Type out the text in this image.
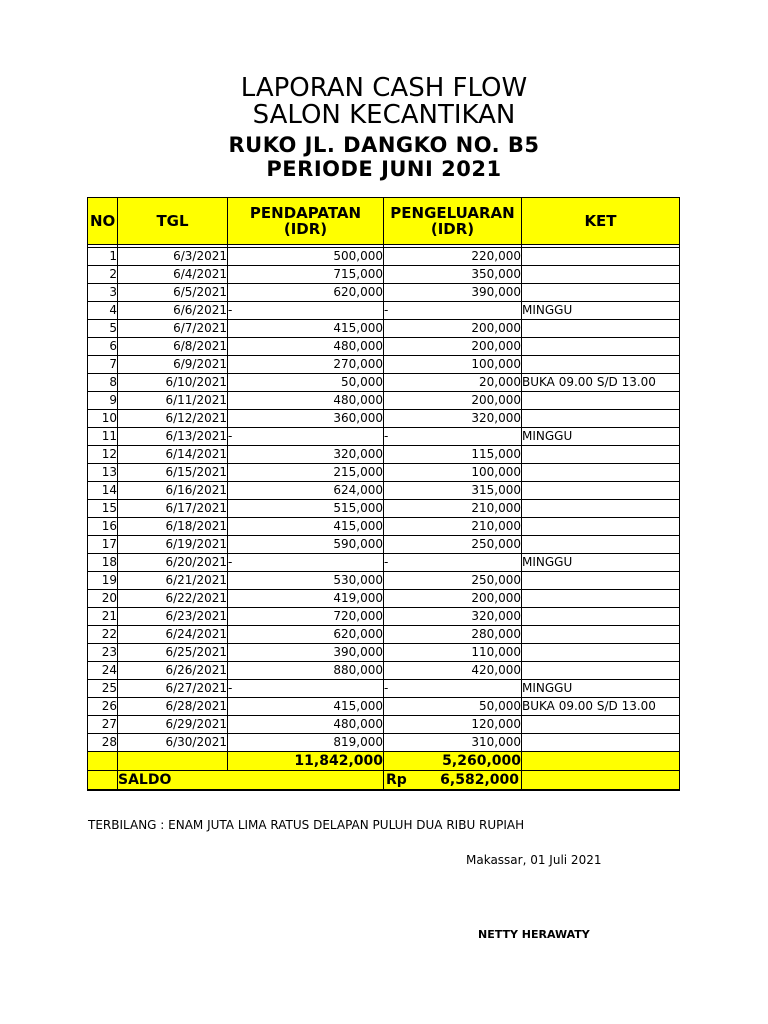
LAPORAN CASH FLOW
SALON KECANTIKAN
RUKO JL. DANGKO NO. B5
PERIODE JUNI 2021
NO	TGL	PENDAPATAN (IDR)	PENGELUARAN (IDR)	KET

1	6/3/2021	500,000	220,000	
2	6/4/2021	715,000	350,000	
3	6/5/2021	620,000	390,000	
4	6/6/2021	-	-	MINGGU
5	6/7/2021	415,000	200,000	
6	6/8/2021	480,000	200,000	
7	6/9/2021	270,000	100,000	
8	6/10/2021	50,000	20,000	BUKA 09.00 S/D 13.00
9	6/11/2021	480,000	200,000	
10	6/12/2021	360,000	320,000	
11	6/13/2021	-	-	MINGGU
12	6/14/2021	320,000	115,000	
13	6/15/2021	215,000	100,000	
14	6/16/2021	624,000	315,000	
15	6/17/2021	515,000	210,000	
16	6/18/2021	415,000	210,000	
17	6/19/2021	590,000	250,000	
18	6/20/2021	-	-	MINGGU
19	6/21/2021	530,000	250,000	
20	6/22/2021	419,000	200,000	
21	6/23/2021	720,000	320,000	
22	6/24/2021	620,000	280,000	
23	6/25/2021	390,000	110,000	
24	6/26/2021	880,000	420,000	
25	6/27/2021	-	-	MINGGU
26	6/28/2021	415,000	50,000	BUKA 09.00 S/D 13.00
27	6/29/2021	480,000	120,000	
28	6/30/2021	819,000	310,000	
		11,842,000	5,260,000	
	SALDO		Rp 6,582,000	

TERBILANG : ENAM JUTA LIMA RATUS DELAPAN PULUH DUA RIBU RUPIAH
Makassar, 01 Juli 2021
NETTY HERAWATY
